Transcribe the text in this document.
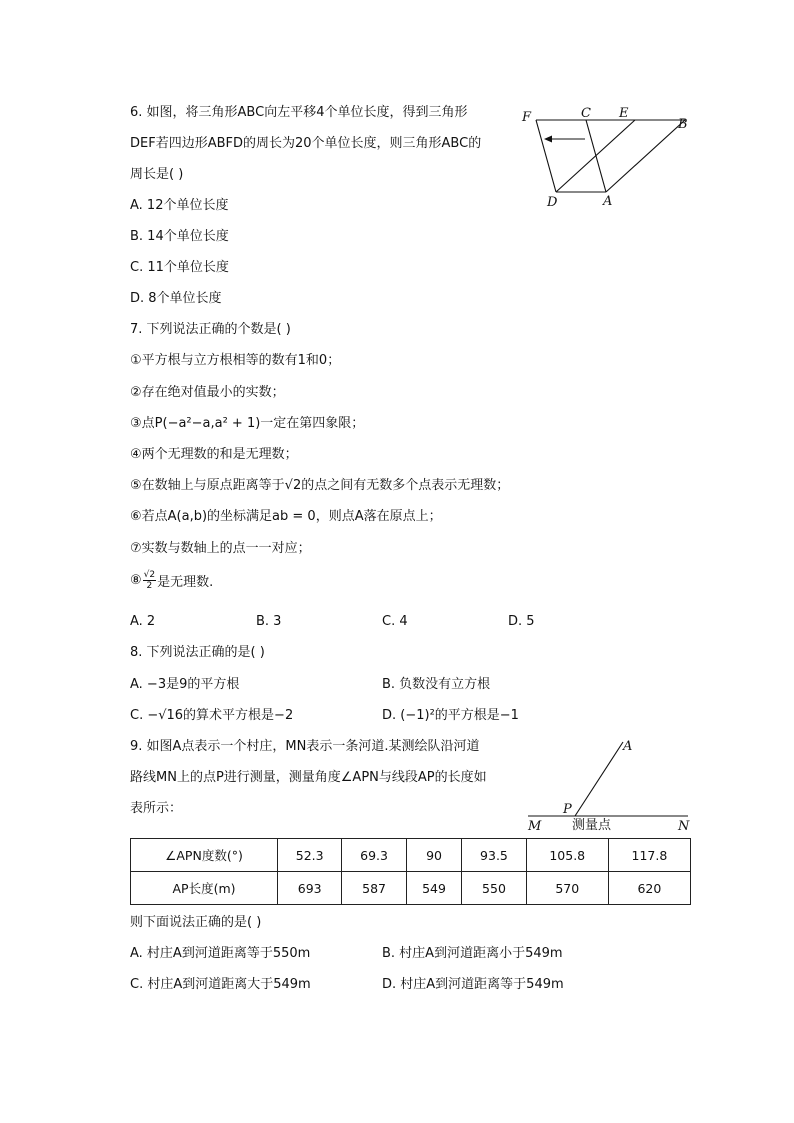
6. 如图，将三角形ABC向左平移4个单位长度，得到三角形
DEF若四边形ABFD的周长为20个单位长度，则三角形ABC的
周长是( )
A. 12个单位长度
B. 14个单位长度
C. 11个单位长度
D. 8个单位长度
F	C E
B
D	A
7. 下列说法正确的个数是( )
①平方根与立方根相等的数有1和0；
②存在绝对值最小的实数；
③点P(−a²−a,a² + 1)一定在第四象限；
④两个无理数的和是无理数；
⑤在数轴上与原点距离等于√2的点之间有无数多个点表示无理数；
⑥若点A(a,b)的坐标满足ab = 0，则点A落在原点上；
⑦实数与数轴上的点一一对应；
⑧ $\frac{√2}{2}$ 是无理数.
A. 2	B. 3	C. 4	D. 5
8. 下列说法正确的是( )
A. −3是9的平方根	B. 负数没有立方根
C. −√16的算术平方根是−2	D. (−1)²的平方根是−1
9. 如图A点表示一个村庄，MN表示一条河道.某测绘队沿河道
路线MN上的点P进行测量，测量角度∠APN与线段AP的长度如
表所示：
A
P
M	N
测量点
∠APN度数(°)	52.3	69.3	90	93.5	105.8	117.8
AP长度(m)	693	587	549	550	570	620
则下面说法正确的是( )
A. 村庄A到河道距离等于550m	B. 村庄A到河道距离小于549m
C. 村庄A到河道距离大于549m	D. 村庄A到河道距离等于549m
